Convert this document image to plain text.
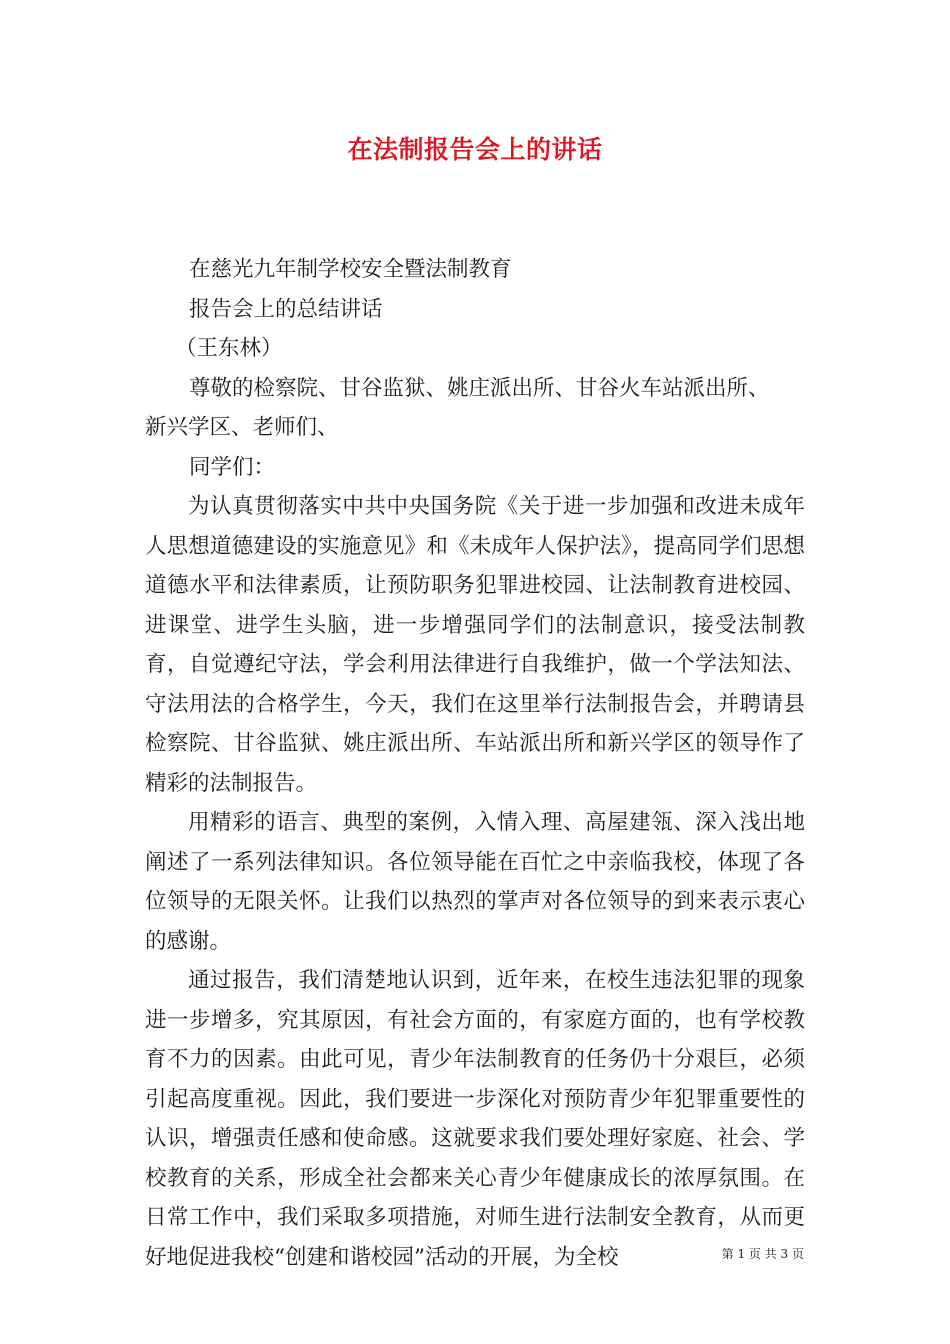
在法制报告会上的讲话
在慈光九年制学校安全暨法制教育
报告会上的总结讲话
（王东林）
尊敬的检察院、甘谷监狱、姚庄派出所、甘谷火车站派出所、
新兴学区、老师们、
同学们：

为认真贯彻落实中共中央国务院《关于进一步加强和改进未成年人思想道德建设的实施意见》和《未成年人保护法》，提高同学们思想道德水平和法律素质，让预防职务犯罪进校园、让法制教育进校园、进课堂、进学生头脑，进一步增强同学们的法制意识，接受法制教育，自觉遵纪守法，学会利用法律进行自我维护，做一个学法知法、守法用法的合格学生，今天，我们在这里举行法制报告会，并聘请县检察院、甘谷监狱、姚庄派出所、车站派出所和新兴学区的领导作了精彩的法制报告。

用精彩的语言、典型的案例，入情入理、高屋建瓴、深入浅出地阐述了一系列法律知识。各位领导能在百忙之中亲临我校，体现了各位领导的无限关怀。让我们以热烈的掌声对各位领导的到来表示衷心的感谢。

通过报告，我们清楚地认识到，近年来，在校生违法犯罪的现象进一步增多，究其原因，有社会方面的，有家庭方面的，也有学校教育不力的因素。由此可见，青少年法制教育的任务仍十分艰巨，必须引起高度重视。因此，我们要进一步深化对预防青少年犯罪重要性的认识，增强责任感和使命感。这就要求我们要处理好家庭、社会、学校教育的关系，形成全社会都来关心青少年健康成长的浓厚氛围。在日常工作中，我们采取多项措施，对师生进行法制安全教育，从而更好地促进我校“创建和谐校园”活动的开展，为全校	第 1 页 共 3 页
